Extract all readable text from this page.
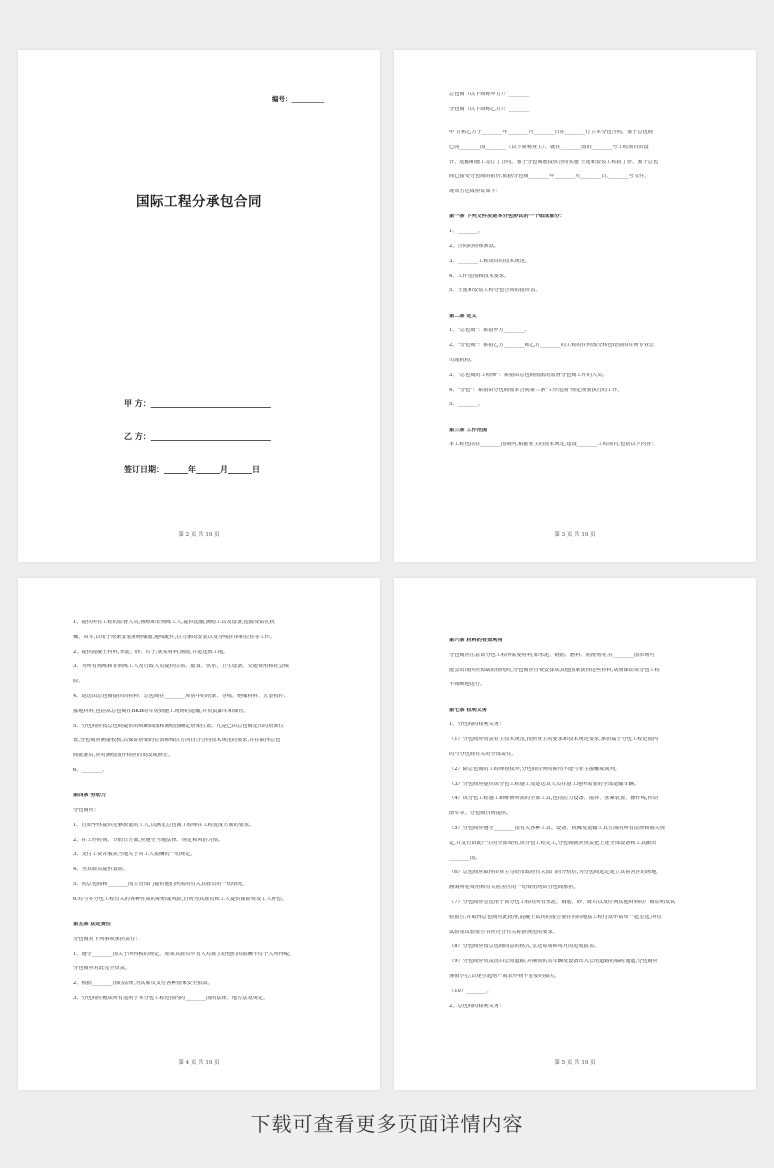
编号：__________
国际工程分承包合同
甲 方：______________________________
乙 方：______________________________
签订日期：______年______月______日
第 2 页 共 10 页

总包商（以下简称甲方）：________

分包商（以下简称乙方）：________

甲 方和乙方于________年________月________日在________订立本分包合同，鉴于总包商

已同________国________（以下简称业主），就在________国的________号工程项目的设

计、运输和施工签订了合同。鉴于分包商愿投该合同实施 土建和安装工程报了价，鉴于总包

商已接受分包商的报价,依据分包商________年________月________日,________号文件,

现双方达成协议如下：

第一条 下列文件应是本分包协议的一个组成部分：

1、________。

2、合同的特殊条款。

3、________工程项目的技术规范。

4、工作范围和技术要求。

5、土建和安装工程分包合同的报价表。

第二条 定义

1、"总包商"：系指甲方________。

2、"分包商"：系指乙方________和乙方________的工程的任何部分转包给别的任何专业公

司或机构。

3、"总包商的工程师"：系指由总包商指派的监督分包商工作的人员。

4、"分包"：系指由分包商按本合同第三条"工作范围"规定而要执行的工作。

5、________。

第三条 工作范围

本工程包括在________国境内,根据业主的技术规定,建设________工程项目,包括以下内容：

第 3 页 共 10 页

1、提供所有工程的监督人员,熟练和非熟练工人,提供运输,测绘工具及设备,挖掘及钻孔机

械、吊车,以用于塔架安装和绝缘器,地线配件,拉力条的安装以及导线挂串和拉直等工作。

2、提供混凝土材料,水泥、砂、石子,灰浆材料,钢筋,并运送到工地。

3、为所有熟练和非熟练工人及行政人员提供住宿、膳食、供水、卫生设备、交通费用和社会保

险。

4、运送由总包商提供的材料：总包商在________库房中的塔架、导线、绝缘材料、五金构件、

接地材料,包括从总包商在BKB的车房到施工现场的运输,并负责卸车和保管。

5、分包商应按总包商提供的纵断面图和测绘图确定塔架位置。凡是已由总包商定出的塔架位

置,分包商应测量校核,以保证塔架的位置和线位方向符合合同技术规范的要求,并在取得总包

商批准后,应对测绘图作相应的更改或修正。

6、________。

第四条 劳动力

分包商应：

1、自始至终提供足够数量的工人,以满足总包商工程师在工程进度方面的要求。

2、在工作时间、节假日方面,应遵守当地法律、规定和风俗习惯。

3、支付工资并服从当地关于对工人报酬的一切规定。

4、为其雇员提供食宿。

5、向总包商和________国主管部门提供他们所需的有关其雇员的一切情况。

6.对与本分包工程有关的各种性质的索赔或风险,自费为其雇员和工人提供保险费及工人补偿。

第五条 法定责任

分包商对下列事项承担责任：

1、遵守________国关于所得税的规定。如果其雇员中有人对雇主给他们的报酬不付个人所得税,

分包商应对此完全负责。

2、根据________国的法律,为其雇员支付各种国家安全捐款。

3、分包商应履从所有适用于本分包工程范围内的________国的法律、地方法及规定。

第 4 页 共 10 页

第六条 材料的有效利用

分包商应注意该分包工程所需要材料,如水泥、钢筋、燃料、润滑剂等,在________国市场可

能会出现供应短缺的情况时,分包商应自费安排从其他国家获得这些材料,从而保证该分包工程

不间断地进行。

第七条 权利义务

1、分包商的权利义务：

（1）分包商应负责业主技术规范,按照业主的要求和技术规范要求,承担属于分包工程范围内

的与分包商有关的全部责任。

（2）除总包商的工程师授权外,分包商任何时候均不能与业主接触或谈判。

（3）分包商应提供该分包工程施工及运送其人员往返工地所需要的全部运输车辆。

（4）该分包工程施工和维修所需的全部工具,包括拉力设备、搅拌、张紧装置、操作线,传动

滑车等。分包商自费提供。

（5）分包商应遵守________国有关各种工具、设备、机械及运输工具方面的所有法律和海关规

定,并支付由此产生的全部费用,该分包工程完工,分包商就应负责把上述全部设备和工具撤出

________国。

（6）总包商应取得由业主写给市政府有关部门的介绍信,为分包商选定建立其宿舍区的场地,

涵洞所花费用和有关宿舍区的一切费用均由分包商承担。

（7）分包商应呈送用于该分包工程的所有水泥、钢筋、砂、砾石以及任何其他材料的厂商证明及试

验报告,并取得总包商对此批准,混凝土试块的报告要在向同地基工程付款申请单一起呈送,所有

试验及试验报告书应符合有关标准规范的要求。

（8）分包商应按总包商同意的格式,呈送每周和每月的进度报表。

（9）分包商应负责清扫公用道路,并铺筑供其车辆及设备出入公用道路的临时通道,分包商应

谨慎小心,以免引起财产或农作物不必要的损失。

（10）________。

2、总包商的权利义务：

第 5 页 共 10 页
下载可查看更多页面详情内容
